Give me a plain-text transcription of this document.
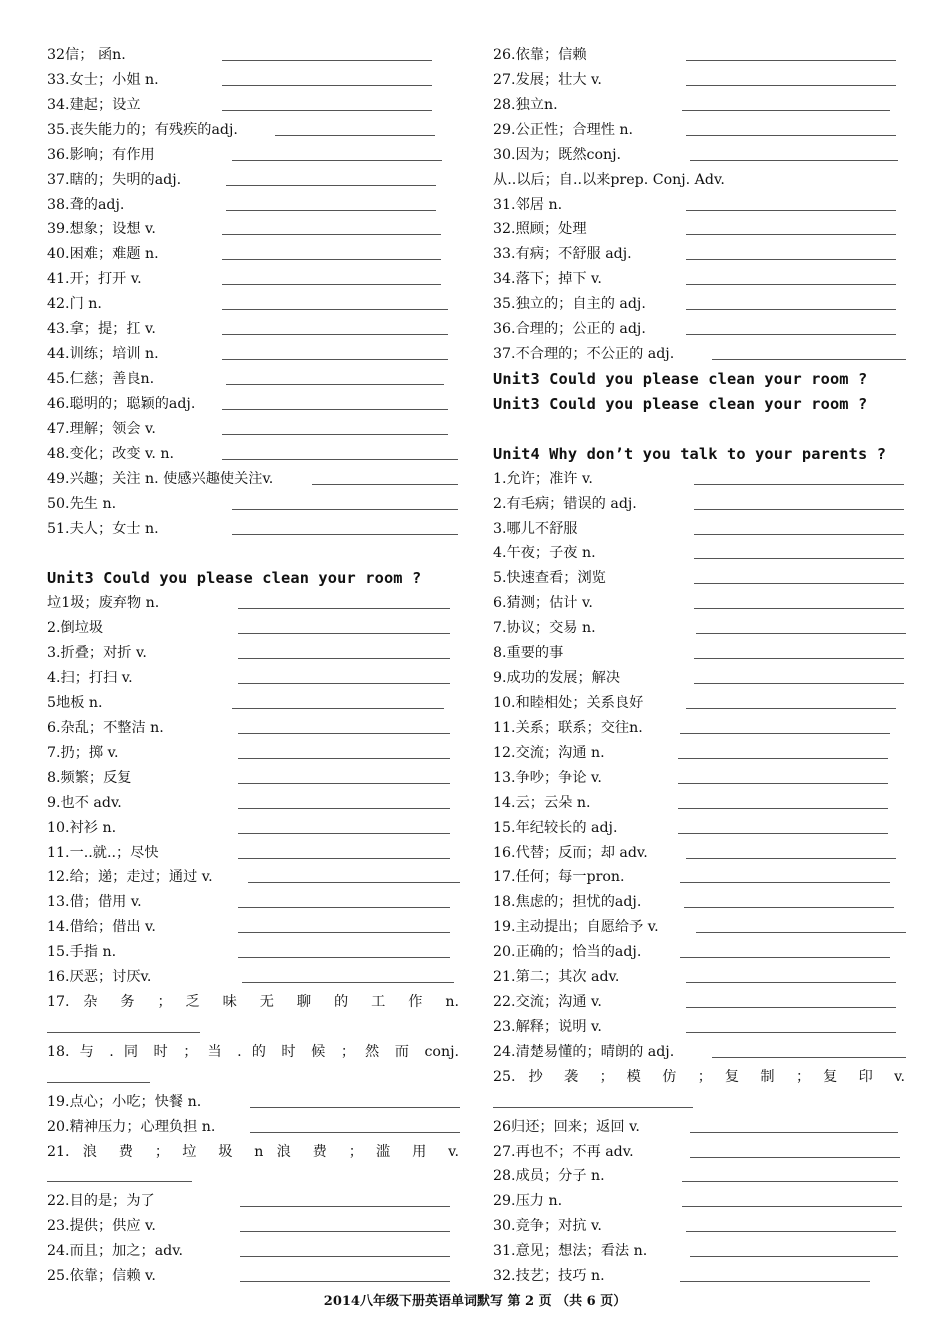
32信； 函n.
33.女士；小姐 n.
34.建起；设立
35.丧失能力的；有残疾的adj.
36.影响；有作用
37.瞎的；失明的adj.
38.聋的adj.
39.想象；设想 v.
40.困难；难题 n.
41.开；打开 v.
42.门 n.
43.拿；提；扛 v.
44.训练；培训 n.
45.仁慈；善良n.
46.聪明的；聪颖的adj.
47.理解；领会 v.
48.变化；改变 v. n.
49.兴趣；关注 n. 使感兴趣使关注v.
50.先生 n.
51.夫人；女士 n.
Unit3 Could you please clean your room ?
垃1圾；废弃物 n.
2.倒垃圾
3.折叠；对折 v.
4.扫；打扫 v.
5地板 n.
6.杂乱；不整洁 n.
7.扔；掷 v.
8.频繁；反复
9.也不 adv.
10.衬衫 n.
11.一..就..；尽快
12.给；递；走过；通过 v.
13.借；借用 v.
14.借给；借出 v.
15.手指 n.
16.厌恶；讨厌v.
17. 杂 务 ； 乏 味 无 聊 的 工 作 n.
18. 与 . 同 时 ； 当 . 的 时 候 ； 然 而 conj.
19.点心；小吃；快餐 n.
20.精神压力；心理负担 n.
21. 浪 费 ； 垃 圾 n 浪 费 ； 滥 用 v.
22.目的是；为了
23.提供；供应 v.
24.而且；加之；adv.
25.依靠；信赖 v.
26.依靠；信赖
27.发展；壮大 v.
28.独立n.
29.公正性；合理性 n.
30.因为；既然conj.
从..以后；自..以来prep. Conj. Adv.
31.邻居 n.
32.照顾；处理
33.有病；不舒服 adj.
34.落下；掉下 v.
35.独立的；自主的 adj.
36.合理的；公正的 adj.
37.不合理的；不公正的 adj.
Unit3 Could you please clean your room ?
Unit3 Could you please clean your room ?
Unit4 Why don’t you talk to your parents ?
1.允许；准许 v.
2.有毛病；错误的 adj.
3.哪儿不舒服
4.午夜；子夜 n.
5.快速查看；浏览
6.猜测；估计 v.
7.协议；交易 n.
8.重要的事
9.成功的发展；解决
10.和睦相处；关系良好
11.关系；联系；交往n.
12.交流；沟通 n.
13.争吵；争论 v.
14.云；云朵 n.
15.年纪较长的 adj.
16.代替；反而；却 adv.
17.任何；每一pron.
18.焦虑的；担忧的adj.
19.主动提出；自愿给予 v.
20.正确的；恰当的adj.
21.第二；其次 adv.
22.交流；沟通 v.
23.解释；说明 v.
24.清楚易懂的；晴朗的 adj.
25. 抄 袭 ； 模 仿 ； 复 制 ； 复 印 v.
26归还；回来；返回 v.
27.再也不；不再 adv.
28.成员；分子 n.
29.压力 n.
30.竞争；对抗 v.
31.意见；想法；看法 n.
32.技艺；技巧 n.
2014八年级下册英语单词默写 第 2 页 （共 6 页）
